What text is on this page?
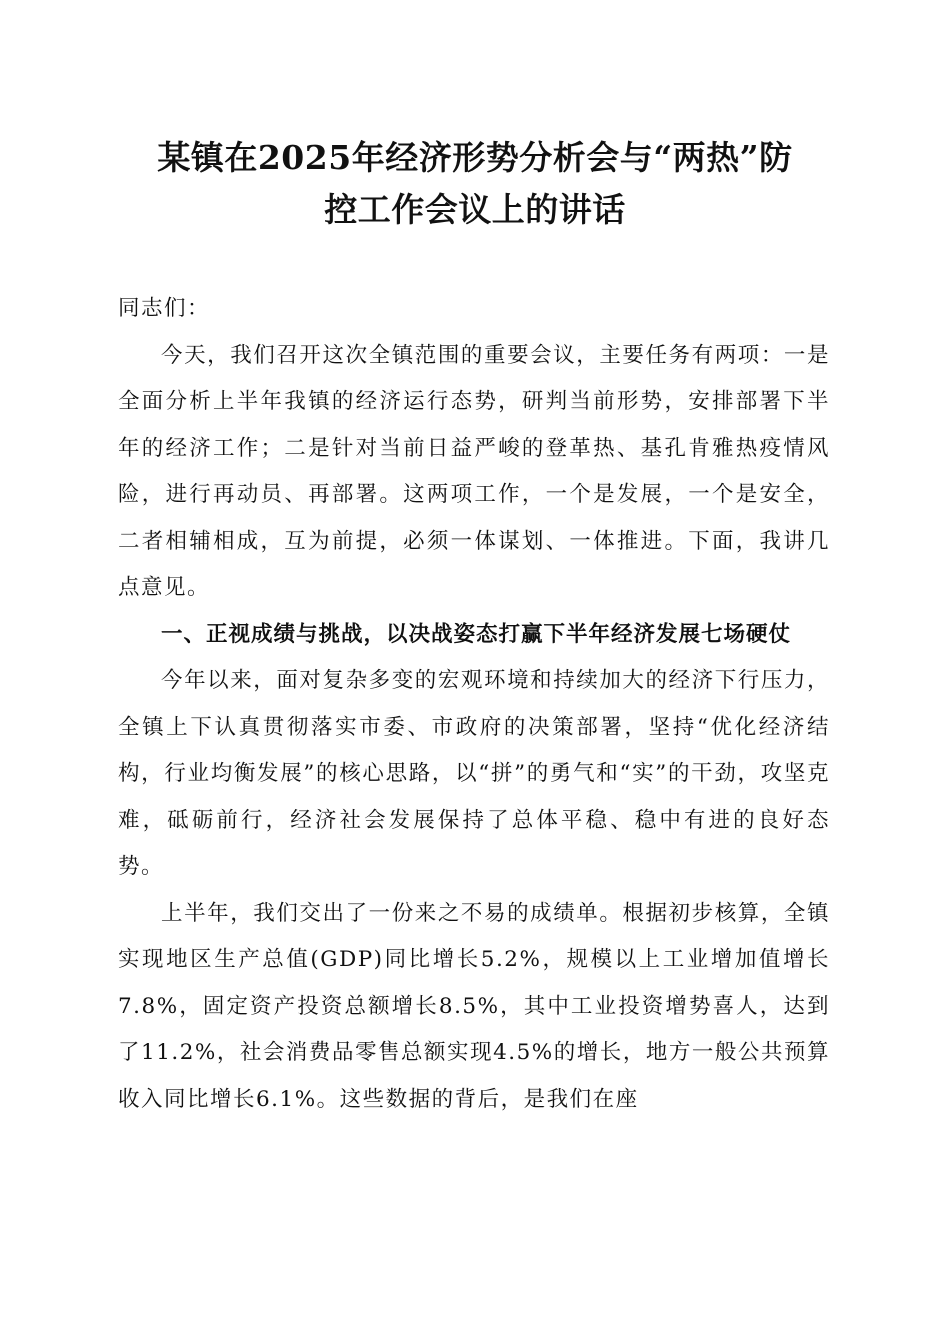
某镇在2025年经济形势分析会与“两热”防
控工作会议上的讲话

同志们：

今天，我们召开这次全镇范围的重要会议，主要任务有两项：一是全面分析上半年我镇的经济运行态势，研判当前形势，安排部署下半年的经济工作；二是针对当前日益严峻的登革热、基孔肯雅热疫情风险，进行再动员、再部署。这两项工作，一个是发展，一个是安全，二者相辅相成，互为前提，必须一体谋划、一体推进。下面，我讲几点意见。

一、正视成绩与挑战，以决战姿态打赢下半年经济发展七场硬仗

今年以来，面对复杂多变的宏观环境和持续加大的经济下行压力，全镇上下认真贯彻落实市委、市政府的决策部署，坚持“优化经济结构，行业均衡发展”的核心思路，以“拼”的勇气和“实”的干劲，攻坚克难，砥砺前行，经济社会发展保持了总体平稳、稳中有进的良好态势。

上半年，我们交出了一份来之不易的成绩单。根据初步核算，全镇实现地区生产总值(GDP)同比增长5.2%，规模以上工业增加值增长7.8%，固定资产投资总额增长8.5%，其中工业投资增势喜人，达到了11.2%，社会消费品零售总额实现4.5%的增长，地方一般公共预算收入同比增长6.1%。这些数据的背后，是我们在座
